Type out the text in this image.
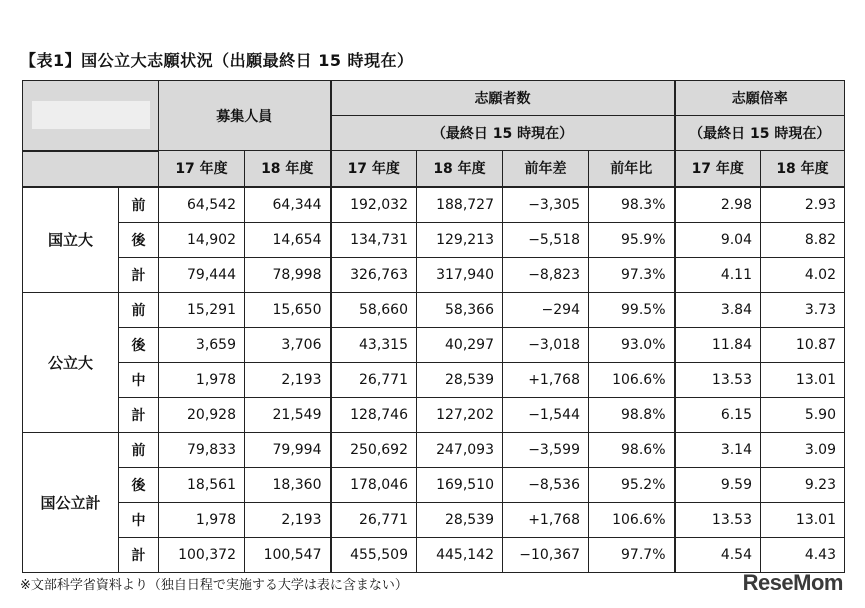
【表1】国公立大志願状況（出願最終日 15 時現在）
		募集人員		志願者数				志願倍率	
				（最終日 15 時現在）				（最終日 15 時現在）	
		17 年度	18 年度	17 年度	18 年度	前年差	前年比	17 年度	18 年度
国立大	前	64,542	64,344	192,032	188,727	−3,305	98.3%	2.98	2.93
	後	14,902	14,654	134,731	129,213	−5,518	95.9%	9.04	8.82
	計	79,444	78,998	326,763	317,940	−8,823	97.3%	4.11	4.02
公立大	前	15,291	15,650	58,660	58,366	−294	99.5%	3.84	3.73
	後	3,659	3,706	43,315	40,297	−3,018	93.0%	11.84	10.87
	中	1,978	2,193	26,771	28,539	+1,768	106.6%	13.53	13.01
	計	20,928	21,549	128,746	127,202	−1,544	98.8%	6.15	5.90
国公立計	前	79,833	79,994	250,692	247,093	−3,599	98.6%	3.14	3.09
	後	18,561	18,360	178,046	169,510	−8,536	95.2%	9.59	9.23
	中	1,978	2,193	26,771	28,539	+1,768	106.6%	13.53	13.01
	計	100,372	100,547	455,509	445,142	−10,367	97.7%	4.54	4.43
※文部科学省資料より（独自日程で実施する大学は表に含まない）	ReseMom
